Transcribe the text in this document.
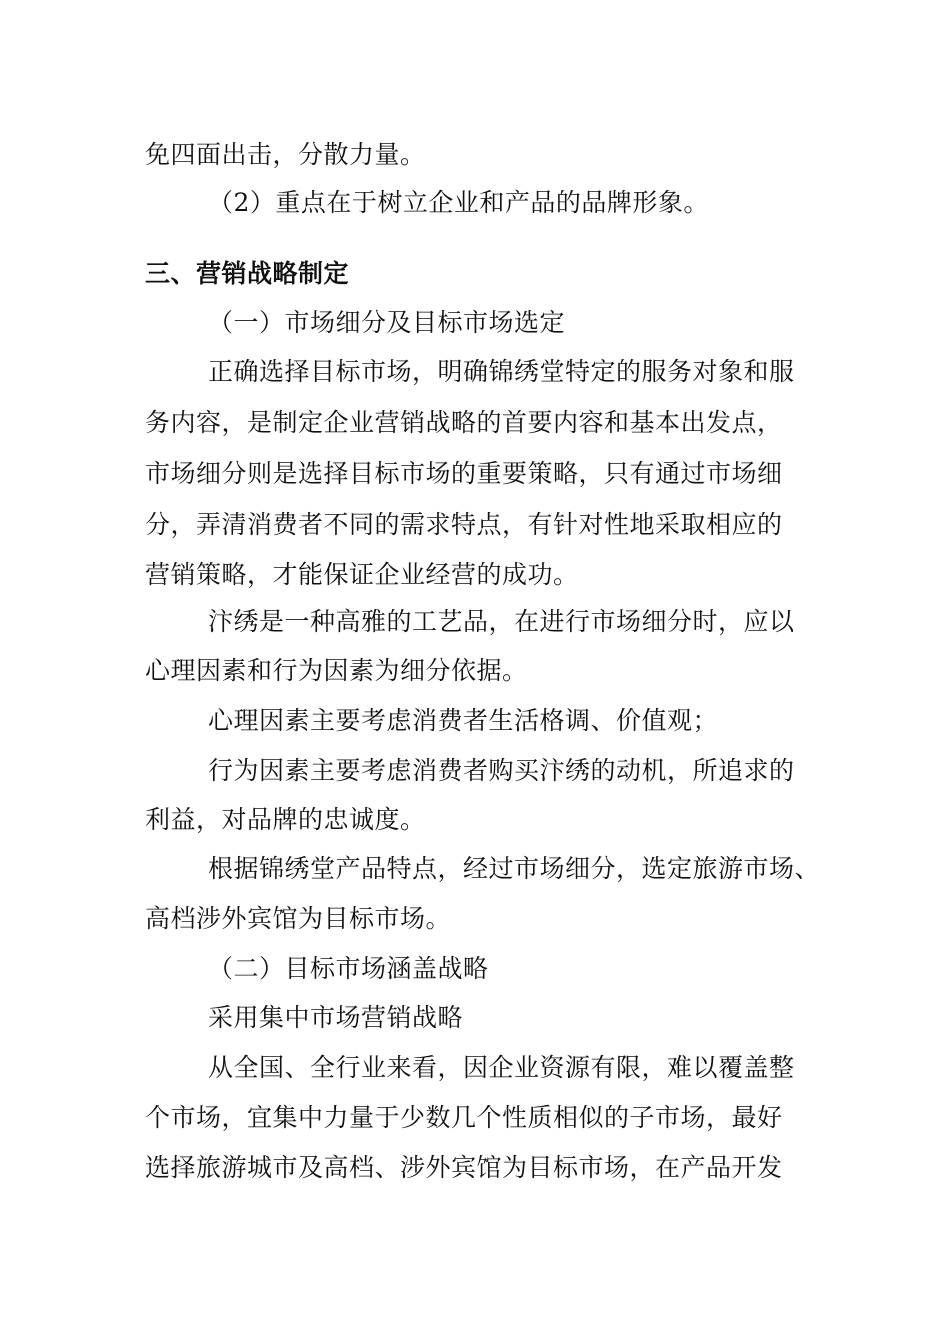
免四面出击，分散力量。
（2）重点在于树立企业和产品的品牌形象。
三、营销战略制定
（一）市场细分及目标市场选定
正确选择目标市场，明确锦绣堂特定的服务对象和服
务内容，是制定企业营销战略的首要内容和基本出发点，
市场细分则是选择目标市场的重要策略，只有通过市场细
分，弄清消费者不同的需求特点，有针对性地采取相应的
营销策略，才能保证企业经营的成功。
汴绣是一种高雅的工艺品，在进行市场细分时，应以
心理因素和行为因素为细分依据。
心理因素主要考虑消费者生活格调、价值观；
行为因素主要考虑消费者购买汴绣的动机，所追求的
利益，对品牌的忠诚度。
根据锦绣堂产品特点，经过市场细分，选定旅游市场、
高档涉外宾馆为目标市场。
（二）目标市场涵盖战略
采用集中市场营销战略
从全国、全行业来看，因企业资源有限，难以覆盖整
个市场，宜集中力量于少数几个性质相似的子市场，最好
选择旅游城市及高档、涉外宾馆为目标市场，在产品开发
